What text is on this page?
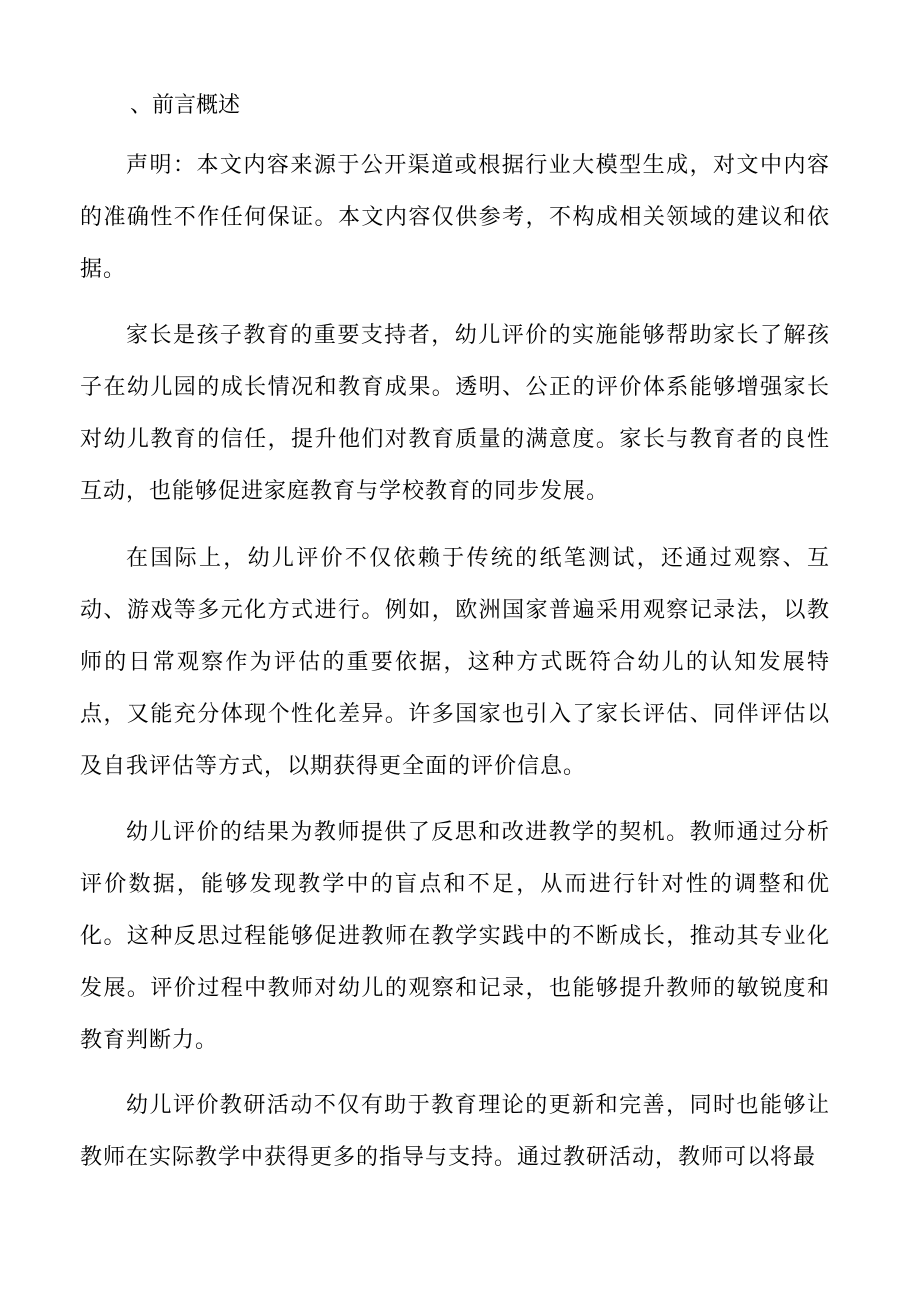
、前言概述

声明：本文内容来源于公开渠道或根据行业大模型生成，对文中内容的准确性不作任何保证。本文内容仅供参考，不构成相关领域的建议和依据。

家长是孩子教育的重要支持者，幼儿评价的实施能够帮助家长了解孩子在幼儿园的成长情况和教育成果。透明、公正的评价体系能够增强家长对幼儿教育的信任，提升他们对教育质量的满意度。家长与教育者的良性互动，也能够促进家庭教育与学校教育的同步发展。

在国际上，幼儿评价不仅依赖于传统的纸笔测试，还通过观察、互动、游戏等多元化方式进行。例如，欧洲国家普遍采用观察记录法，以教师的日常观察作为评估的重要依据，这种方式既符合幼儿的认知发展特点，又能充分体现个性化差异。许多国家也引入了家长评估、同伴评估以及自我评估等方式，以期获得更全面的评价信息。

幼儿评价的结果为教师提供了反思和改进教学的契机。教师通过分析评价数据，能够发现教学中的盲点和不足，从而进行针对性的调整和优化。这种反思过程能够促进教师在教学实践中的不断成长，推动其专业化发展。评价过程中教师对幼儿的观察和记录，也能够提升教师的敏锐度和教育判断力。

幼儿评价教研活动不仅有助于教育理论的更新和完善，同时也能够让教师在实际教学中获得更多的指导与支持。通过教研活动，教师可以将最
